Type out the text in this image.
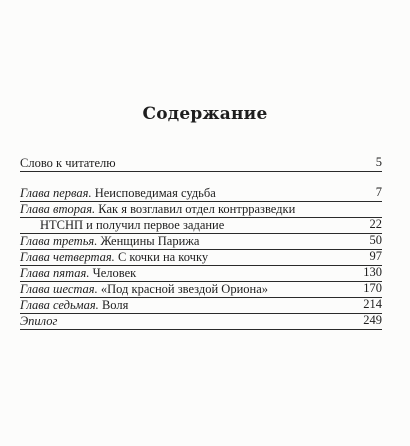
Содержание
Слово к читателю	5
Глава первая. Неисповедимая судьба	7
Глава вторая. Как я возглавил отдел контрразведки
НТСНП и получил первое задание	22
Глава третья. Женщины Парижа	50
Глава четвертая. С кочки на кочку	97
Глава пятая. Человек	130
Глава шестая. «Под красной звездой Ориона»	170
Глава седьмая. Воля	214
Эпилог	249
